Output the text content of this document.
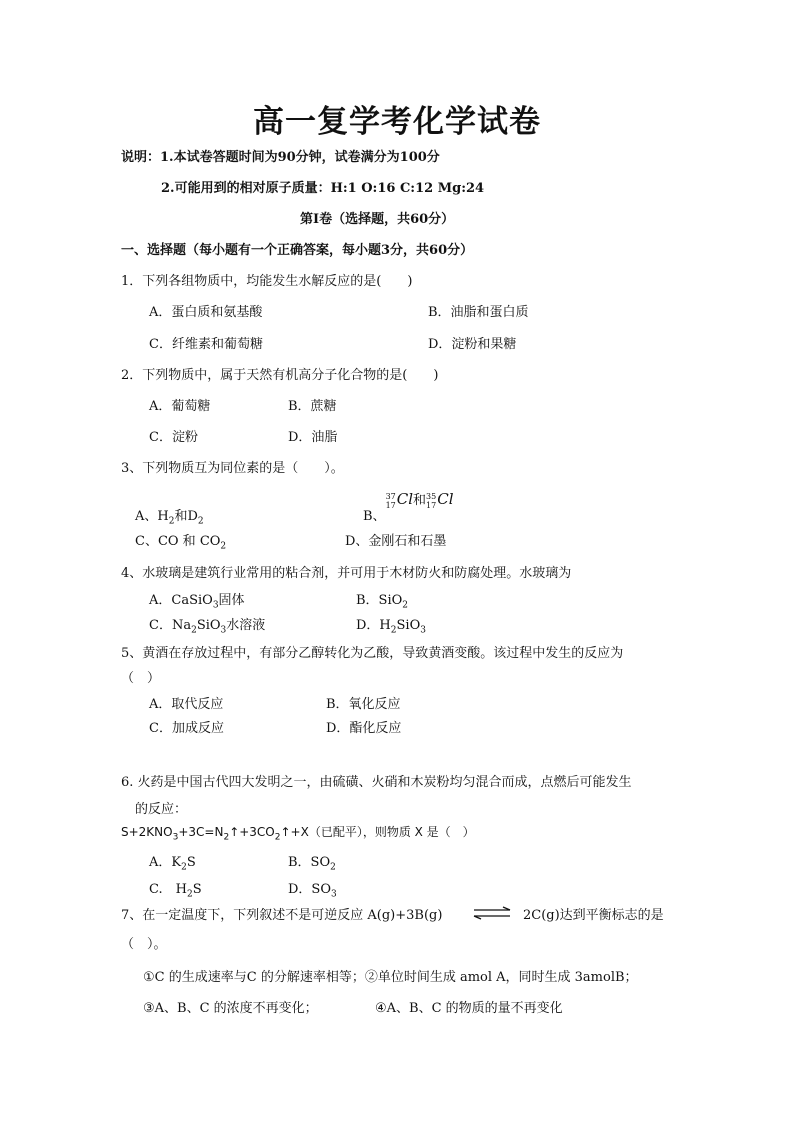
高一复学考化学试卷
说明：1.本试卷答题时间为90分钟，试卷满分为100分
2.可能用到的相对原子质量：H:1 O:16 C:12 Mg:24
第Ⅰ卷（选择题，共60分）
一、选择题（每小题有一个正确答案，每小题3分，共60分）
1．下列各组物质中，均能发生水解反应的是(　　)
A．蛋白质和氨基酸	B．油脂和蛋白质
C．纤维素和葡萄糖	D．淀粉和果糖
2．下列物质中，属于天然有机高分子化合物的是(　　)
A．葡萄糖	B．蔗糖
C．淀粉	D．油脂
3、下列物质互为同位素的是（　　）。
A、$H_2$和$D_2$	B、37
17Cl和35
17Cl
C、CO 和 $CO_2$	D、金刚石和石墨
4、水玻璃是建筑行业常用的粘合剂，并可用于木材防火和防腐处理。水玻璃为
A．CaSiO$_3$固体	B．SiO$_2$
C．$Na_2SiO_3$水溶液	D．$H_2SiO_3$
5、黄酒在存放过程中，有部分乙醇转化为乙酸，导致黄酒变酸。该过程中发生的反应为
（　）
A．取代反应	B．氧化反应
C．加成反应	D．酯化反应
6. 火药是中国古代四大发明之一，由硫磺、火硝和木炭粉均匀混合而成，点燃后可能发生
的反应：
$S+2KNO_3+3C=N_2↑+3CO_2↑+X$（已配平），则物质 X 是（　）
A．$K_2S$	B．$SO_2$
C.　$H_2S$	D．$SO_3$
7、在一定温度下，下列叙述不是可逆反应 A(g)+3B(g) ⇌ 2C(g)达到平衡标志的是
（　）。
①C 的生成速率与C 的分解速率相等；②单位时间生成 amol A，同时生成 3amolB；
③A、B、C 的浓度不再变化；	④A、B、C 的物质的量不再变化
